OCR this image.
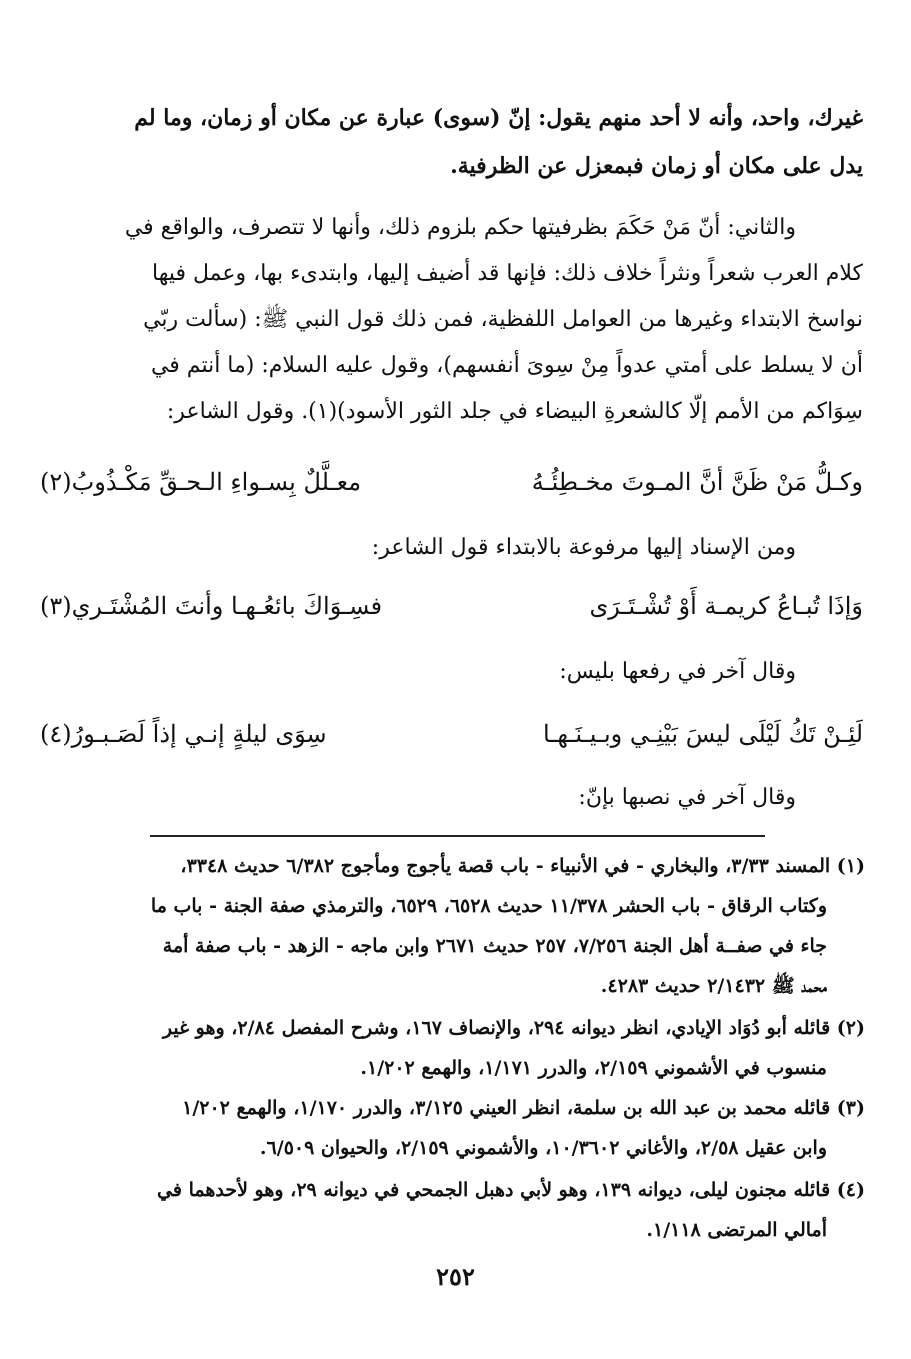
غيرك، واحد، وأنه لا أحد منهم يقول: إنّ (سوى) عبارة عن مكان أو زمان، وما لم
يدل على مكان أو زمان فبمعزل عن الظرفية.
والثاني: أنّ مَنْ حَكَمَ بظرفيتها حكم بلزوم ذلك، وأنها لا تتصرف، والواقع في
كلام العرب شعراً ونثراً خلاف ذلك: فإنها قد أضيف إليها، وابتدىء بها، وعمل فيها
نواسخ الابتداء وغيرها من العوامل اللفظية، فمن ذلك قول النبي ﷺ: (سألت ربّي
أن لا يسلط على أمتي عدواً مِنْ سِوىَ أنفسهم)، وقول عليه السلام: (ما أنتم في
سِوَاكم من الأمم إلّا كالشعرةِ البيضاء في جلد الثور الأسود)(١). وقول الشاعر:
وكـلُّ مَنْ ظَنَّ أنَّ المـوتَ مخـطِئُـهُ
معـلَّلٌ بِسـواءِ الـحـقِّ مَكْـذُوبُ(٢)
ومن الإسناد إليها مرفوعة بالابتداء قول الشاعر:
وَإذَا تُبـاعُ كريمـة أَوْ تُشْـتَـرَى
فسِـوَاكَ بائعُـهـا وأنتَ المُشْتَـري(٣)
وقال آخر في رفعها بليس:
لَئِـنْ تَكُ لَيْلَى ليسَ بَيْنِـي وبـيـنَـهـا
سِوَى ليلةٍ إنـي إذاً لَصَـبـورُ(٤)
وقال آخر في نصبها بإنّ:
(١) المسند ٣/٣٣، والبخاري - في الأنبياء - باب قصة يأجوج ومأجوج ٦/٣٨٢ حديث ٣٣٤٨،
وكتاب الرقاق - باب الحشر ١١/٣٧٨ حديث ٦٥٢٨، ٦٥٢٩، والترمذي صفة الجنة - باب ما
جاء في صفــة أهل الجنة ٧/٢٥٦، ٢٥٧ حديث ٢٦٧١ وابن ماجه - الزهد - باب صفة أمة
محمد ﷺ ٢/١٤٣٢ حديث ٤٢٨٣.
(٢) قائله أبو دُوَاد الإيادي، انظر ديوانه ٢٩٤، والإنصاف ١٦٧، وشرح المفصل ٢/٨٤، وهو غير
منسوب في الأشموني ٢/١٥٩، والدرر ١/١٧١، والهمع ١/٢٠٢.
(٣) قائله محمد بن عبد الله بن سلمة، انظر العيني ٣/١٢٥، والدرر ١/١٧٠، والهمع ١/٢٠٢
وابن عقيل ٢/٥٨، والأغاني ١٠/٣٦٠٢، والأشموني ٢/١٥٩، والحيوان ٦/٥٠٩.
(٤) قائله مجنون ليلى، ديوانه ١٣٩، وهو لأبي دهبل الجمحي في ديوانه ٢٩، وهو لأحدهما في
أمالي المرتضى ١/١١٨.
٢٥٢
